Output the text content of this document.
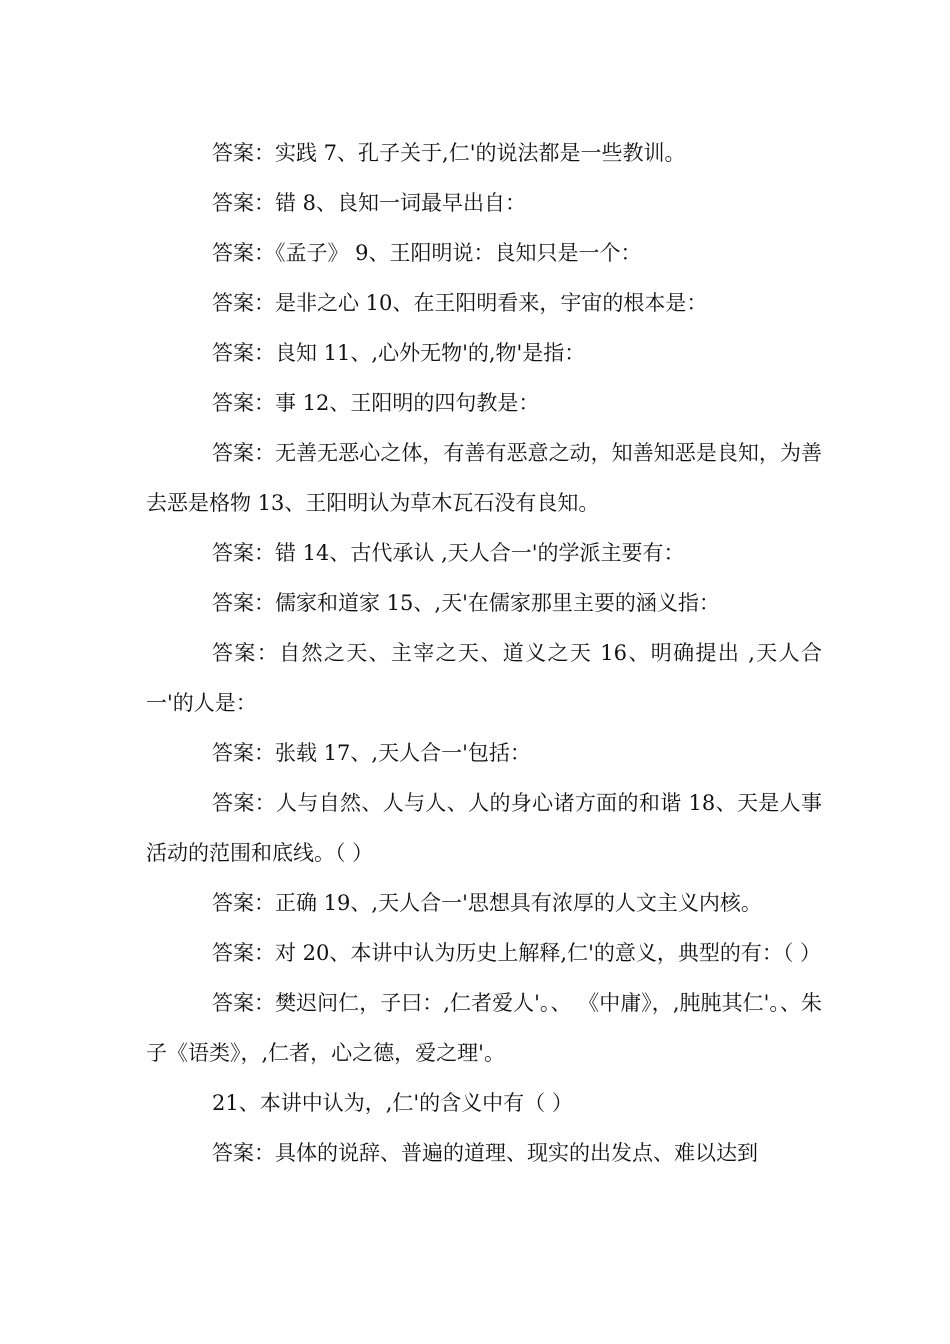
答案：实践 7、孔子关于,仁'的说法都是一些教训。

答案：错 8、良知一词最早出自：

答案：《孟子》 9、王阳明说：良知只是一个：

答案：是非之心 10、在王阳明看来，宇宙的根本是：

答案：良知 11、,心外无物'的,物'是指：

答案：事 12、王阳明的四句教是：

答案：无善无恶心之体，有善有恶意之动，知善知恶是良知，为善去恶是格物 13、王阳明认为草木瓦石没有良知。

答案：错 14、古代承认 ,天人合一'的学派主要有：

答案：儒家和道家 15、,天'在儒家那里主要的涵义指：

答案：自然之天、主宰之天、道义之天 16、明确提出 ,天人合一'的人是：

答案：张载 17、,天人合一'包括：

答案：人与自然、人与人、人的身心诸方面的和谐 18、天是人事活动的范围和底线。（ ）

答案：正确 19、,天人合一'思想具有浓厚的人文主义内核。

答案：对 20、本讲中认为历史上解释,仁'的意义，典型的有：（ ）

答案：樊迟问仁，子曰：,仁者爱人'。、 《中庸》，,肫肫其仁'。、朱子《语类》，,仁者，心之德，爱之理'。

21、本讲中认为，,仁'的含义中有（ ）

答案：具体的说辞、普遍的道理、现实的出发点、难以达到
